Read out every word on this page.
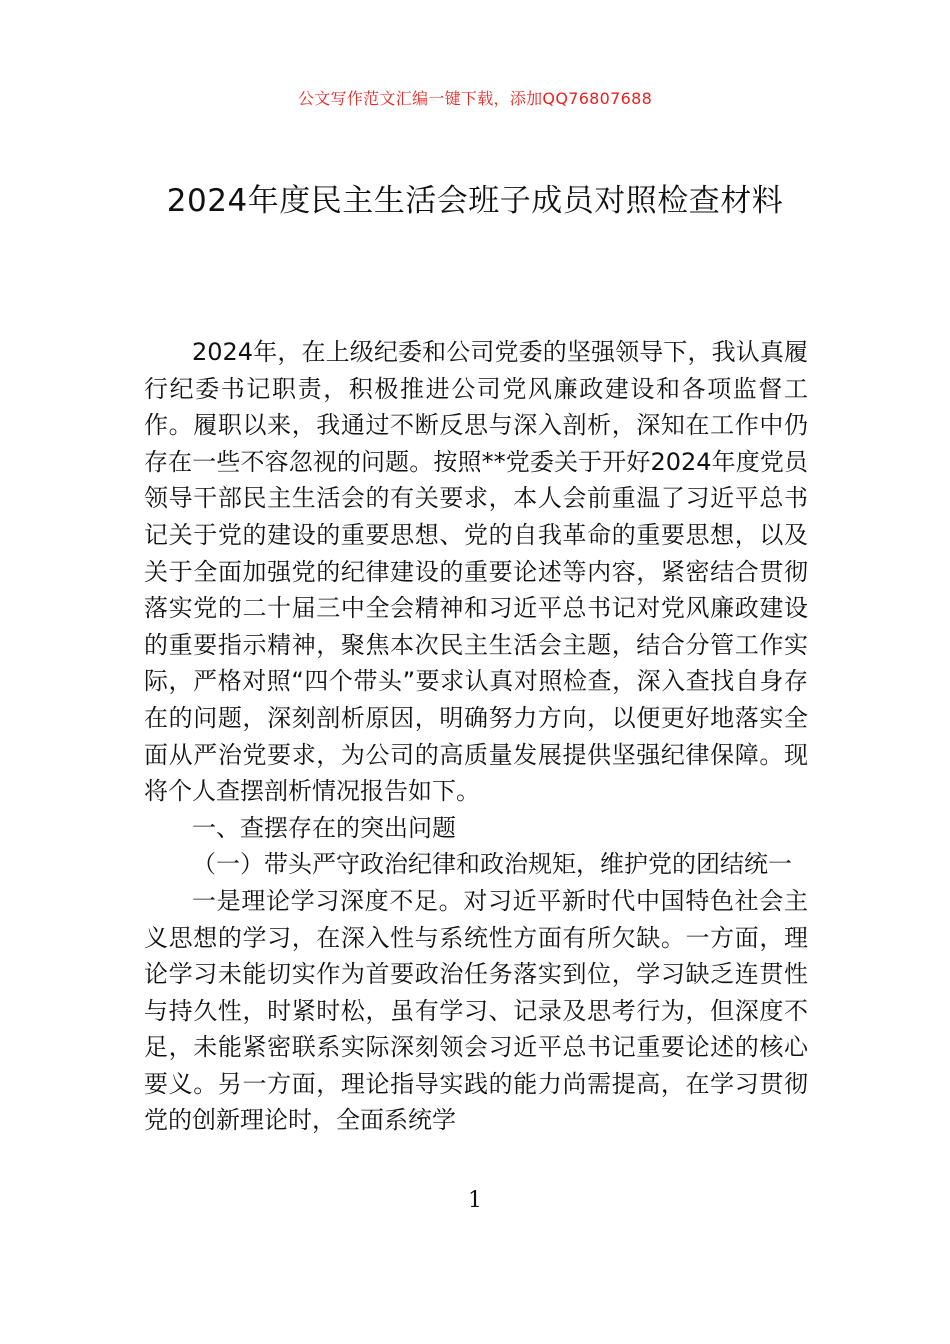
公文写作范文汇编一键下载，添加QQ76807688
2024年度民主生活会班子成员对照检查材料

2024年，在上级纪委和公司党委的坚强领导下，我认真履行纪委书记职责，积极推进公司党风廉政建设和各项监督工作。履职以来，我通过不断反思与深入剖析，深知在工作中仍存在一些不容忽视的问题。按照**党委关于开好2024年度党员领导干部民主生活会的有关要求，本人会前重温了习近平总书记关于党的建设的重要思想、党的自我革命的重要思想，以及关于全面加强党的纪律建设的重要论述等内容，紧密结合贯彻落实党的二十届三中全会精神和习近平总书记对党风廉政建设的重要指示精神，聚焦本次民主生活会主题，结合分管工作实际，严格对照“四个带头”要求认真对照检查，深入查找自身存在的问题，深刻剖析原因，明确努力方向，以便更好地落实全面从严治党要求，为公司的高质量发展提供坚强纪律保障。现将个人查摆剖析情况报告如下。

一、查摆存在的突出问题

（一）带头严守政治纪律和政治规矩，维护党的团结统一

一是理论学习深度不足。对习近平新时代中国特色社会主义思想的学习，在深入性与系统性方面有所欠缺。一方面，理论学习未能切实作为首要政治任务落实到位，学习缺乏连贯性与持久性，时紧时松，虽有学习、记录及思考行为，但深度不足，未能紧密联系实际深刻领会习近平总书记重要论述的核心要义。另一方面，理论指导实践的能力尚需提高，在学习贯彻党的创新理论时，全面系统学

1
